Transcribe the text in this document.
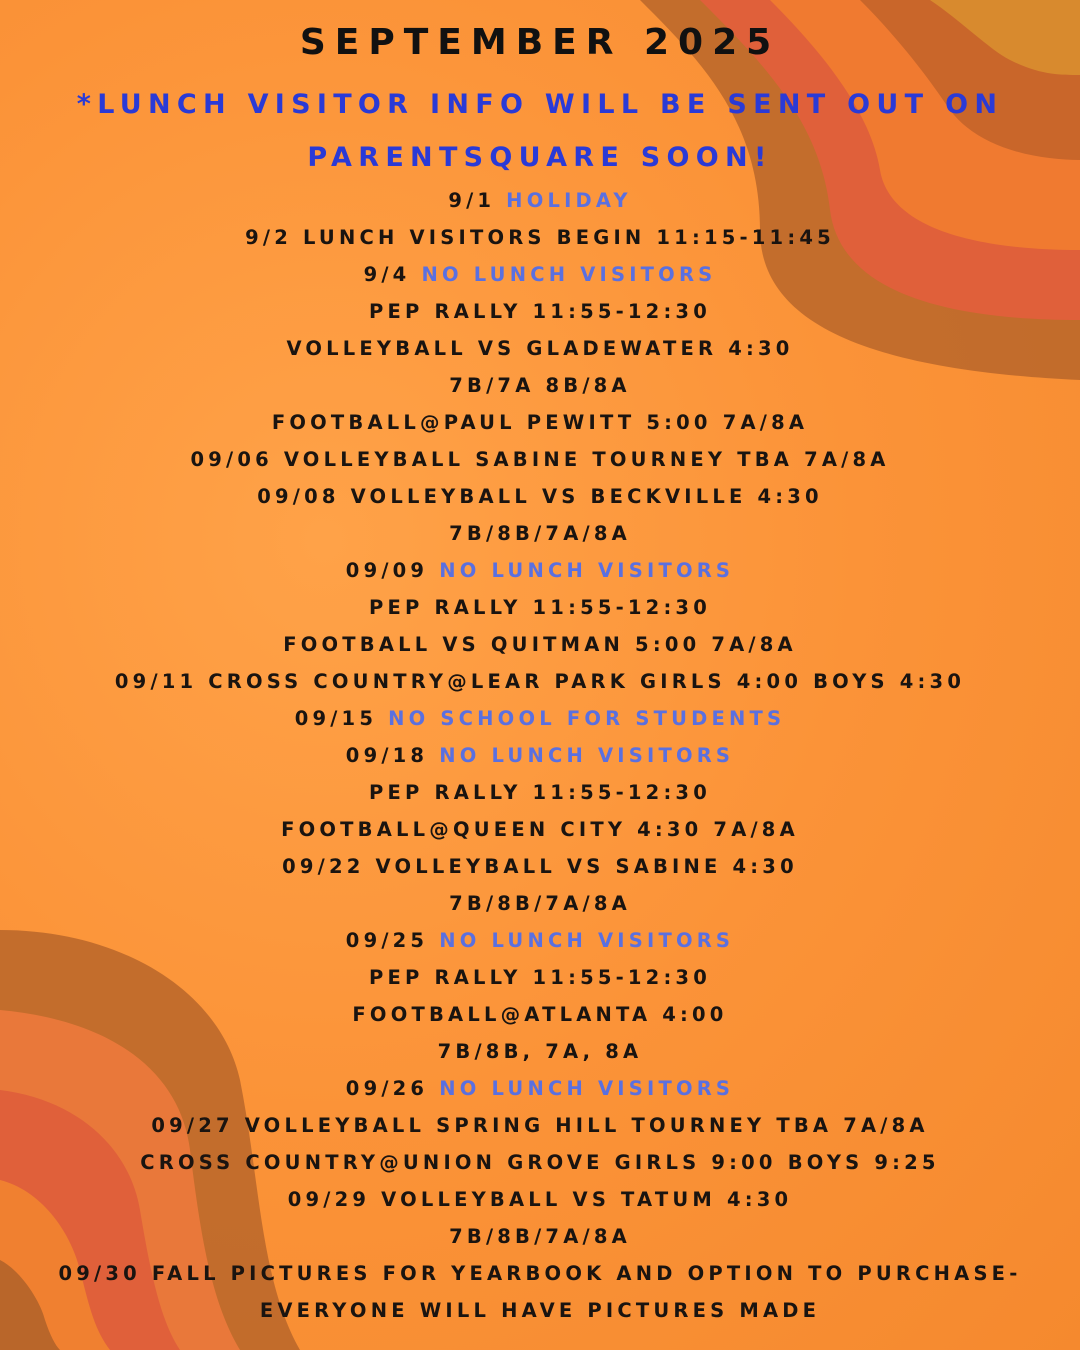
SEPTEMBER 2025
*LUNCH VISITOR INFO WILL BE SENT OUT ON PARENTSQUARE SOON!
9/1 HOLIDAY
9/2 LUNCH VISITORS BEGIN 11:15-11:45
9/4 NO LUNCH VISITORS
PEP RALLY 11:55-12:30
VOLLEYBALL VS GLADEWATER 4:30
7B/7A 8B/8A
FOOTBALL@PAUL PEWITT 5:00 7A/8A
09/06 VOLLEYBALL SABINE TOURNEY TBA 7A/8A
09/08 VOLLEYBALL VS BECKVILLE 4:30
7B/8B/7A/8A
09/09 NO LUNCH VISITORS
PEP RALLY 11:55-12:30
FOOTBALL VS QUITMAN 5:00 7A/8A
09/11 CROSS COUNTRY@LEAR PARK GIRLS 4:00 BOYS 4:30
09/15 NO SCHOOL FOR STUDENTS
09/18 NO LUNCH VISITORS
PEP RALLY 11:55-12:30
FOOTBALL@QUEEN CITY 4:30 7A/8A
09/22 VOLLEYBALL VS SABINE 4:30
7B/8B/7A/8A
09/25 NO LUNCH VISITORS
PEP RALLY 11:55-12:30
FOOTBALL@ATLANTA 4:00
7B/8B, 7A, 8A
09/26 NO LUNCH VISITORS
09/27 VOLLEYBALL SPRING HILL TOURNEY TBA 7A/8A
CROSS COUNTRY@UNION GROVE GIRLS 9:00 BOYS 9:25
09/29 VOLLEYBALL VS TATUM 4:30
7B/8B/7A/8A
09/30 FALL PICTURES FOR YEARBOOK AND OPTION TO PURCHASE-
EVERYONE WILL HAVE PICTURES MADE
